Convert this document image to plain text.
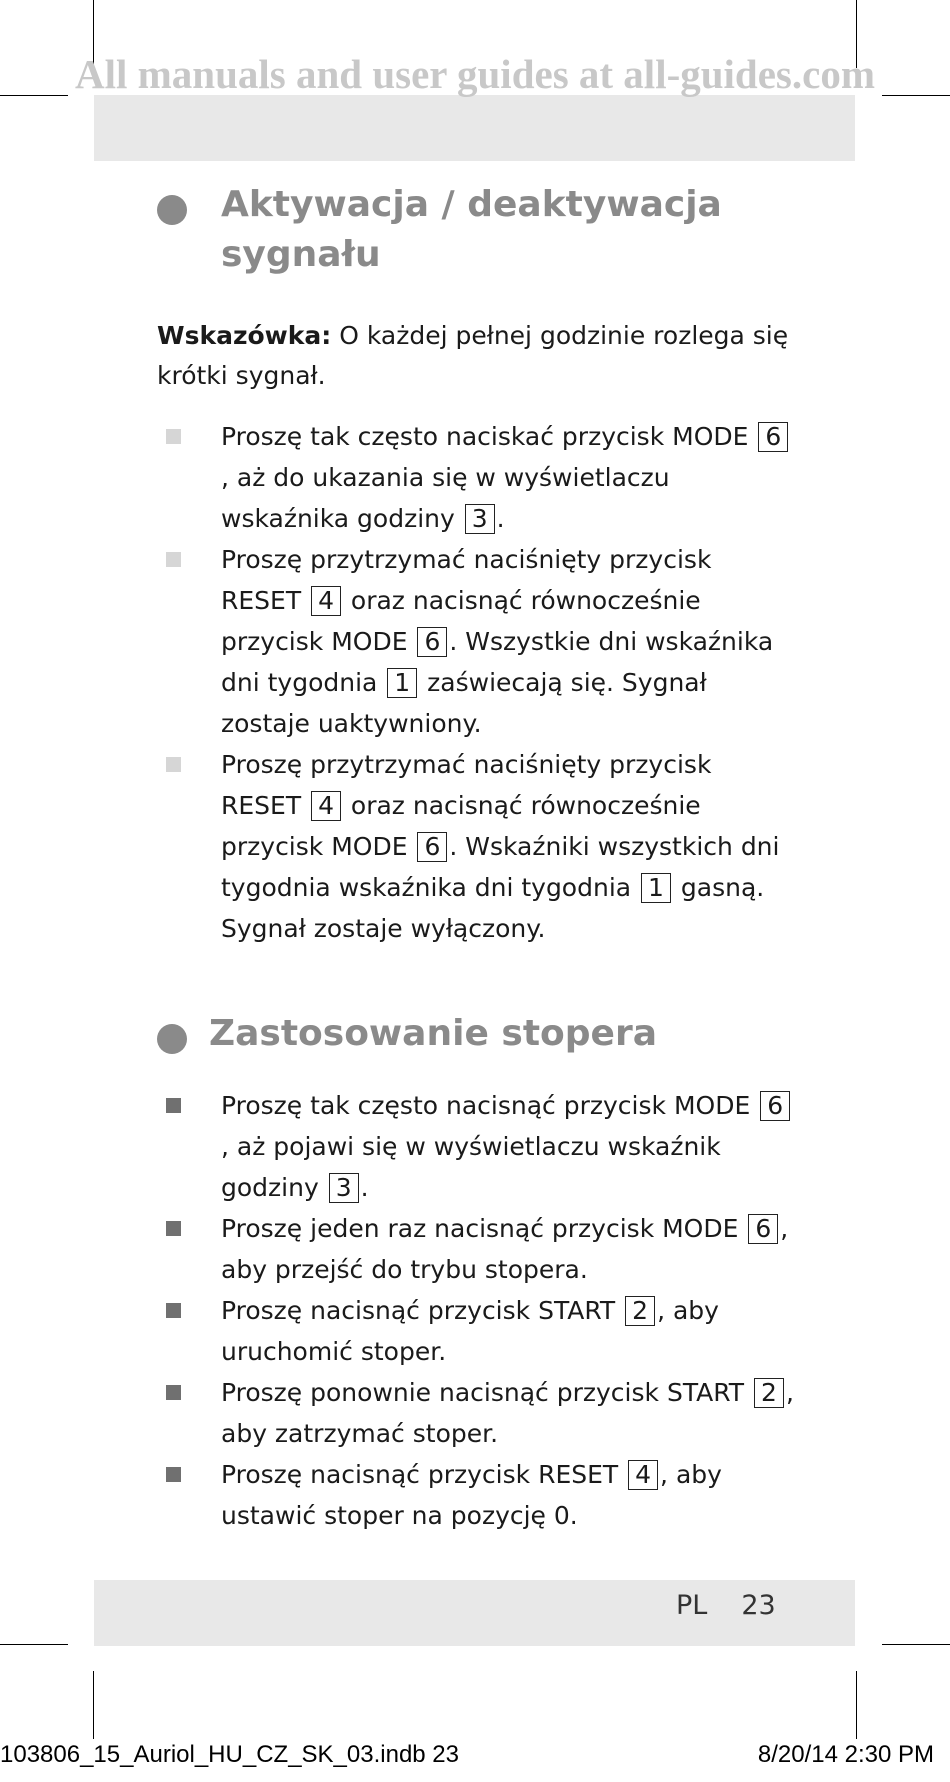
All manuals and user guides at all-guides.com
Aktywacja / deaktywacja sygnału

Wskazówka: O każdej pełnej godzinie rozlega się krótki sygnał.

Proszę tak często naciskać przycisk MODE 6, aż do ukazania się w wyświetlaczu wskaźnika godziny 3 .
Proszę przytrzymać naciśnięty przycisk RESET 4 oraz nacisnąć równocześnie przycisk MODE 6 . Wszystkie dni wskaźnika dni tygodnia 1 zaświecają się. Sygnał zostaje uaktywniony.
Proszę przytrzymać naciśnięty przycisk RESET 4 oraz nacisnąć równocześnie przycisk MODE 6 . Wskaźniki wszystkich dni tygodnia wskaźnika dni tygodnia 1 gasną. Sygnał zostaje wyłączony.
Zastosowanie stopera
Proszę tak często nacisnąć przycisk MODE 6, aż pojawi się w wyświetlaczu wskaźnik godziny 3 .
Proszę jeden raz nacisnąć przycisk MODE 6 , aby przejść do trybu stopera.
Proszę nacisnąć przycisk START 2 , aby uruchomić stoper.
Proszę ponownie nacisnąć przycisk START 2 , aby zatrzymać stoper.
Proszę nacisnąć przycisk RESET 4 , aby ustawić stoper na pozycję 0.
PL 23
103806_15_Auriol_HU_CZ_SK_03.indb 23	8/20/14 2:30 PM
